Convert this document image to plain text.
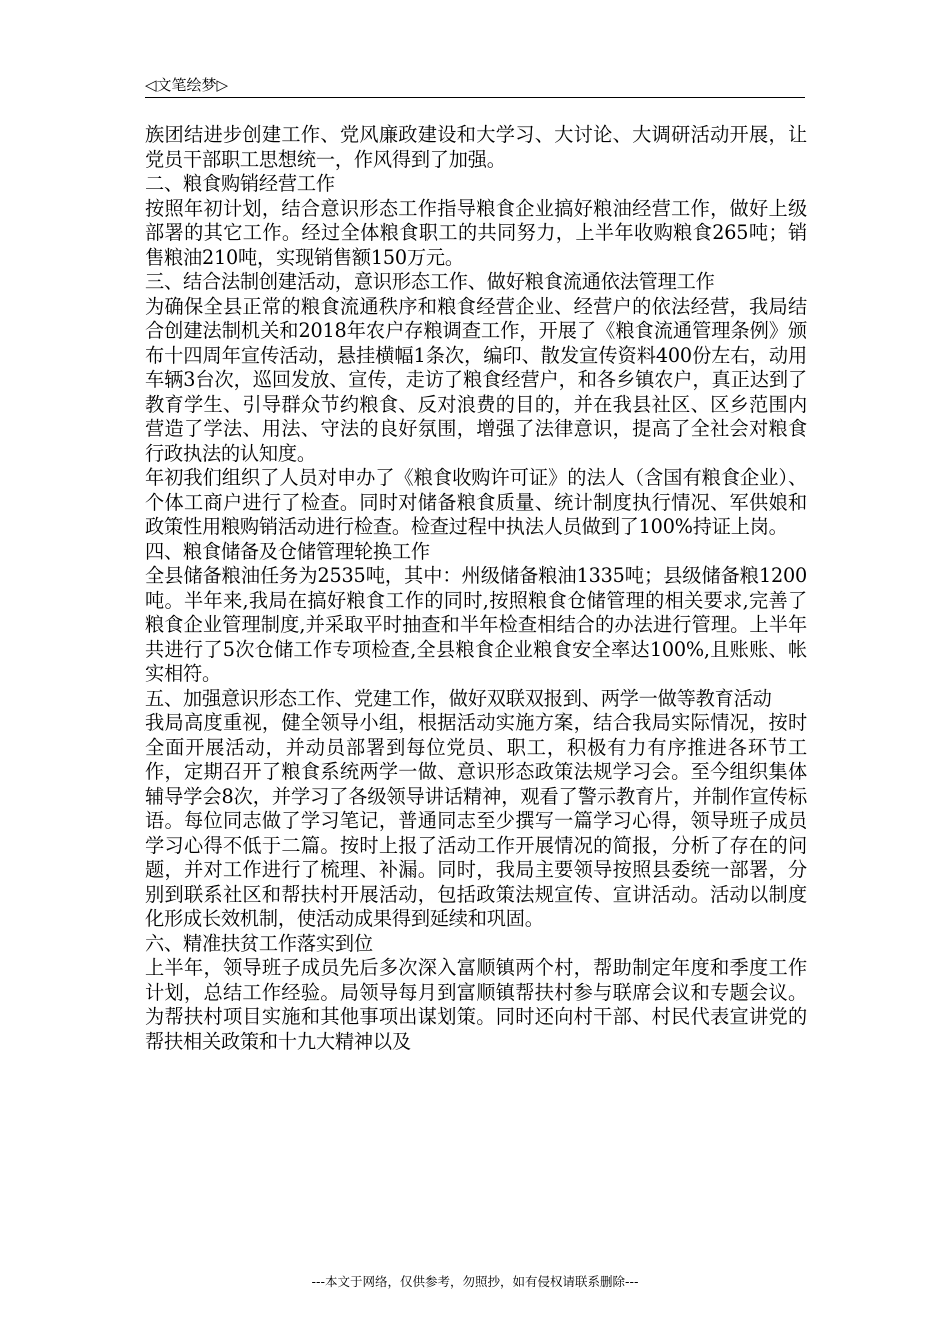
◁文笔绘梦▷

族团结进步创建工作、党风廉政建设和大学习、大讨论、大调研活动开展，让党员干部职工思想统一，作风得到了加强。

二、粮食购销经营工作

按照年初计划，结合意识形态工作指导粮食企业搞好粮油经营工作，做好上级部署的其它工作。经过全体粮食职工的共同努力，上半年收购粮食265吨；销售粮油210吨，实现销售额150万元。

三、结合法制创建活动，意识形态工作、做好粮食流通依法管理工作

为确保全县正常的粮食流通秩序和粮食经营企业、经营户的依法经营，我局结合创建法制机关和2018年农户存粮调查工作，开展了《粮食流通管理条例》颁布十四周年宣传活动，悬挂横幅1条次，编印、散发宣传资料400份左右，动用车辆3台次，巡回发放、宣传，走访了粮食经营户，和各乡镇农户，真正达到了教育学生、引导群众节约粮食、反对浪费的目的，并在我县社区、区乡范围内营造了学法、用法、守法的良好氛围，增强了法律意识，提高了全社会对粮食行政执法的认知度。

年初我们组织了人员对申办了《粮食收购许可证》的法人（含国有粮食企业）、个体工商户进行了检查。同时对储备粮食质量、统计制度执行情况、军供娘和政策性用粮购销活动进行检查。检查过程中执法人员做到了100%持证上岗。

四、粮食储备及仓储管理轮换工作

全县储备粮油任务为2535吨，其中：州级储备粮油1335吨；县级储备粮1200吨。半年来,我局在搞好粮食工作的同时,按照粮食仓储管理的相关要求,完善了粮食企业管理制度,并采取平时抽查和半年检查相结合的办法进行管理。上半年共进行了5次仓储工作专项检查,全县粮食企业粮食安全率达100%,且账账、帐实相符。

五、加强意识形态工作、党建工作，做好双联双报到、两学一做等教育活动

我局高度重视，健全领导小组，根据活动实施方案，结合我局实际情况，按时全面开展活动，并动员部署到每位党员、职工，积极有力有序推进各环节工作，定期召开了粮食系统两学一做、意识形态政策法规学习会。至今组织集体辅导学会8次，并学习了各级领导讲话精神，观看了警示教育片，并制作宣传标语。每位同志做了学习笔记，普通同志至少撰写一篇学习心得，领导班子成员学习心得不低于二篇。按时上报了活动工作开展情况的简报，分析了存在的问题，并对工作进行了梳理、补漏。同时，我局主要领导按照县委统一部署，分别到联系社区和帮扶村开展活动，包括政策法规宣传、宣讲活动。活动以制度化形成长效机制，使活动成果得到延续和巩固。

六、精准扶贫工作落实到位

上半年，领导班子成员先后多次深入富顺镇两个村，帮助制定年度和季度工作计划，总结工作经验。局领导每月到富顺镇帮扶村参与联席会议和专题会议。为帮扶村项目实施和其他事项出谋划策。同时还向村干部、村民代表宣讲党的帮扶相关政策和十九大精神以及

---本文于网络，仅供参考，勿照抄，如有侵权请联系删除---
